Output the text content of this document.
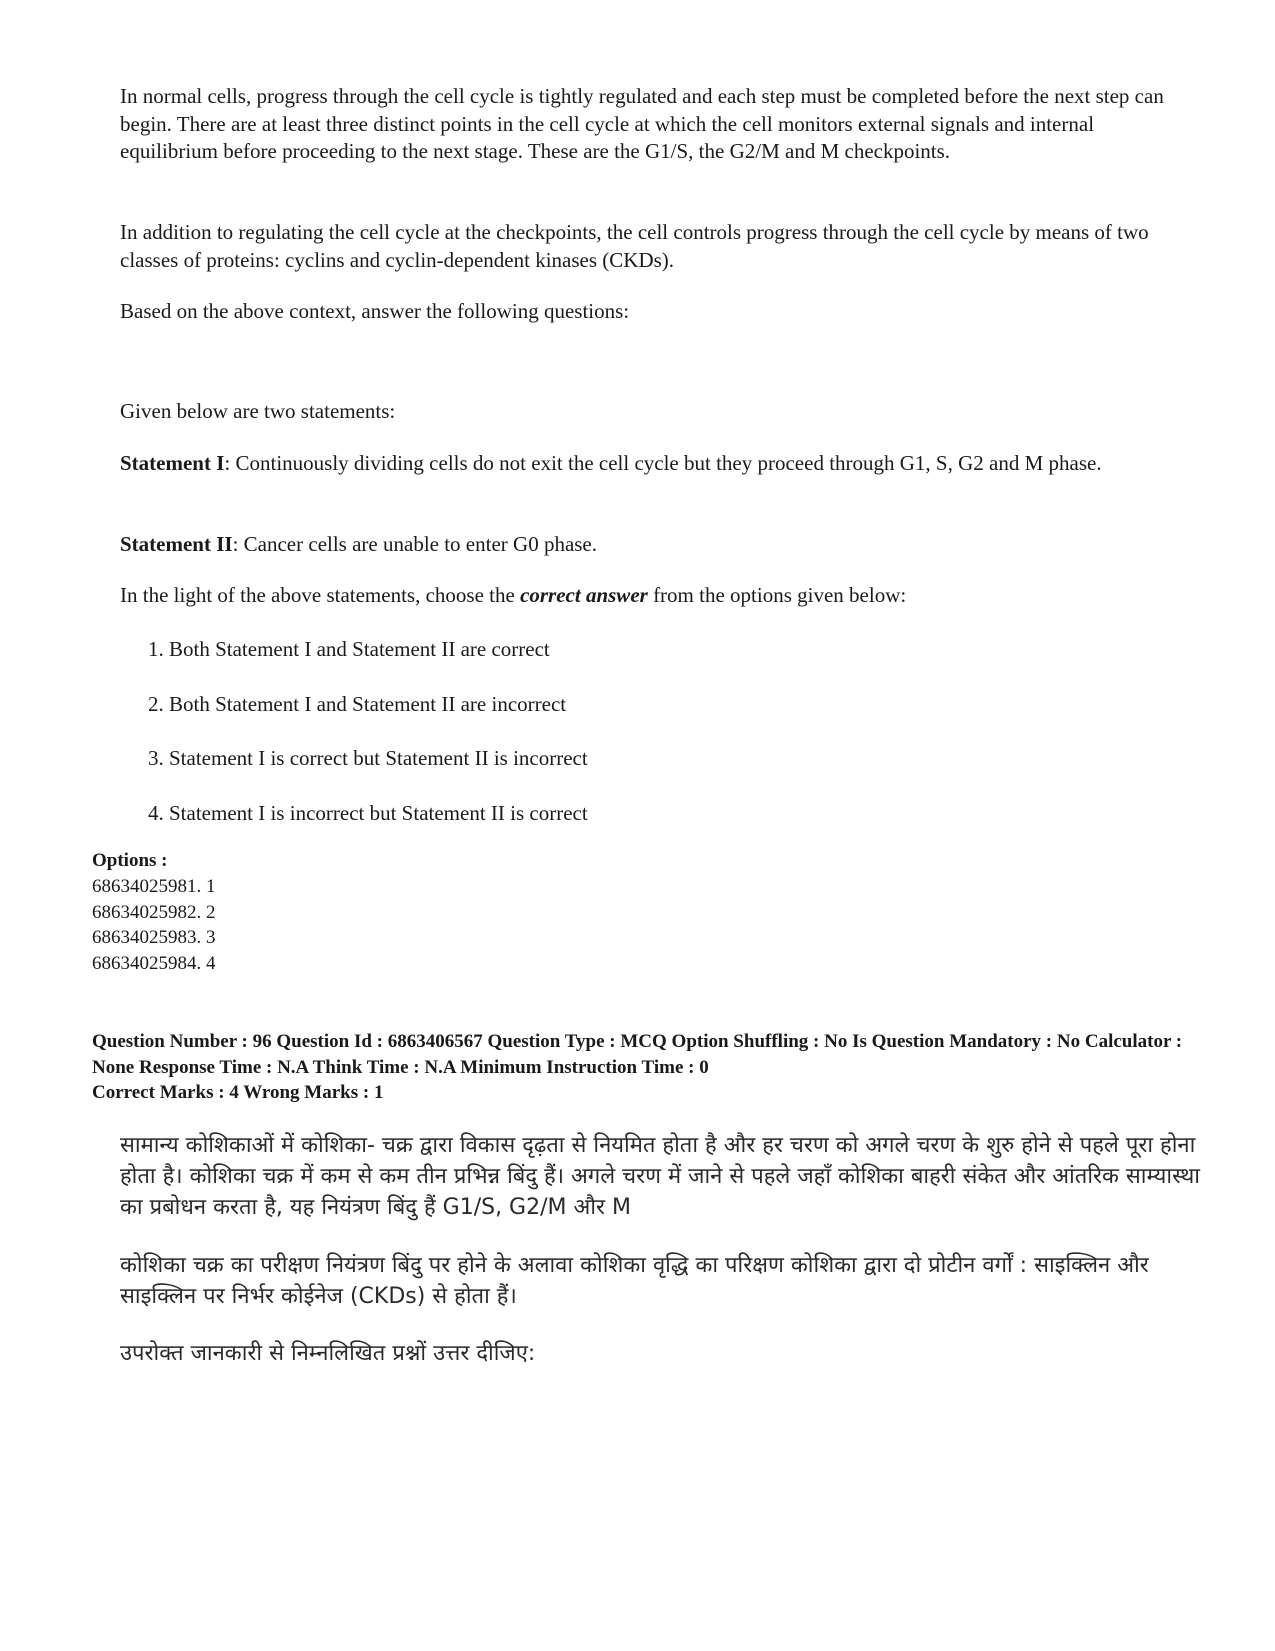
In normal cells, progress through the cell cycle is tightly regulated and each step must be completed before the next step can begin. There are at least three distinct points in the cell cycle at which the cell monitors external signals and internal equilibrium before proceeding to the next stage. These are the G1/S, the G2/M and M checkpoints.

In addition to regulating the cell cycle at the checkpoints, the cell controls progress through the cell cycle by means of two classes of proteins: cyclins and cyclin-dependent kinases (CKDs).

Based on the above context, answer the following questions:

Given below are two statements:

Statement I: Continuously dividing cells do not exit the cell cycle but they proceed through G1, S, G2 and M phase.

Statement II: Cancer cells are unable to enter G0 phase.

In the light of the above statements, choose the correct answer from the options given below:

1. Both Statement I and Statement II are correct
2. Both Statement I and Statement II are incorrect
3. Statement I is correct but Statement II is incorrect
4. Statement I is incorrect but Statement II is correct
Options :
68634025981. 1
68634025982. 2
68634025983. 3
68634025984. 4
Question Number : 96 Question Id : 6863406567 Question Type : MCQ Option Shuffling : No Is Question Mandatory : No Calculator : None Response Time : N.A Think Time : N.A Minimum Instruction Time : 0
Correct Marks : 4 Wrong Marks : 1
सामान्य कोशिकाओं में कोशिका- चक्र द्वारा विकास दृढ़ता से नियमित होता है और हर चरण को अगले चरण के शुरु होने से पहले पूरा होना होता है। कोशिका चक्र में कम से कम तीन प्रभिन्न बिंदु हैं। अगले चरण में जाने से पहले जहाँ कोशिका बाहरी संकेत और आंतरिक साम्यास्था का प्रबोधन करता है, यह नियंत्रण बिंदु हैं G1/S, G2/M और M
कोशिका चक्र का परीक्षण नियंत्रण बिंदु पर होने के अलावा कोशिका वृद्धि का परिक्षण कोशिका द्वारा दो प्रोटीन वर्गों : साइक्लिन और साइक्लिन पर निर्भर कोईनेज (CKDs) से होता हैं।
उपरोक्त जानकारी से निम्नलिखित प्रश्नों उत्तर दीजिए:
